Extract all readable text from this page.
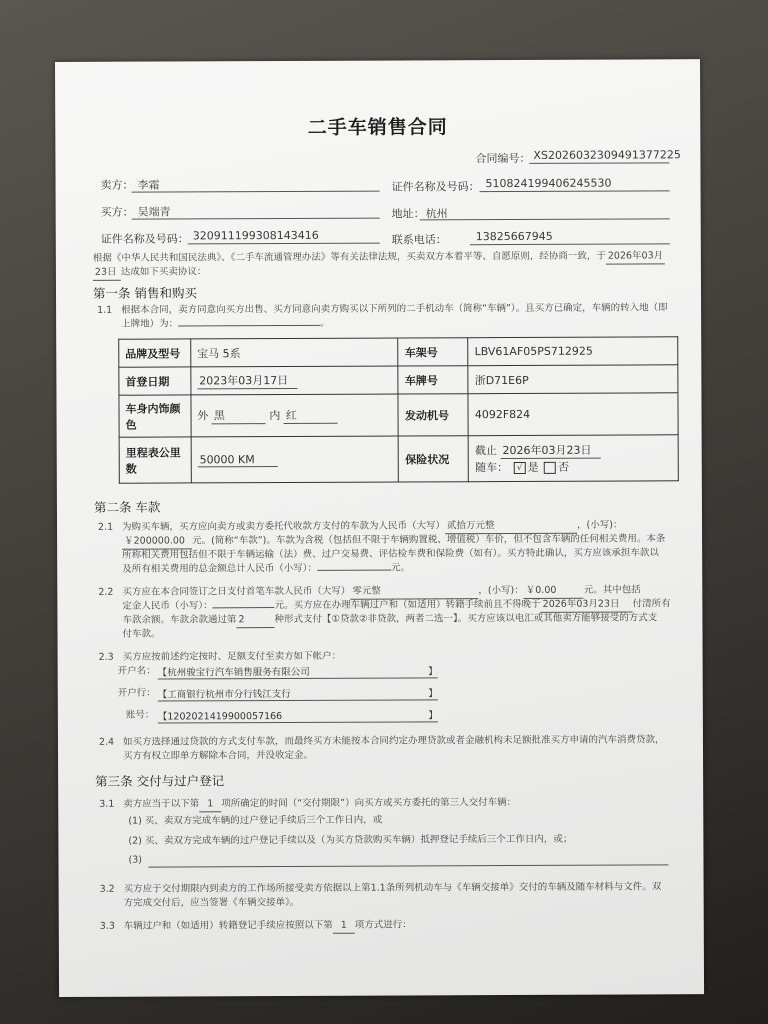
二手车销售合同
合同编号： XS2026032309491377225
卖方： 李霜	证件名称及号码： 510824199406245530
买方： 吴端青	地址： 杭州
证件名称及号码： 320911199308143416	联系电话：	13825667945
根据《中华人民共和国民法典》、《二手车流通管理办法》等有关法律法规，买卖双方本着平等、自愿原则，经协商一致，于 2026年03月
23日 达成如下买卖协议：
第一条 销售和购买
1.1 根据本合同，卖方同意向买方出售、买方同意向卖方购买以下所列的二手机动车（简称“车辆”）。且买方已确定，车辆的转入地（即
上牌地）为：	。
品牌及型号	宝马 5系	车架号	LBV61AF05PS712925
首登日期	2023年03月17日	车牌号	浙D71E6P
车身内饰颜色	外 黑 内 红	发动机号	4092F824
里程表公里数	50000 KM	保险状况	截止 2026年03月23日
随车： √ 是 否
第二条 车款
2.1 为购买车辆，买方应向卖方或卖方委托代收款方支付的车款为人民币（大写） 贰拾万元整	，(小写)：
￥200000.00 元。(简称“车款”)。车款为含税（包括但不限于车辆购置税、增值税）车价，但不包含车辆的任何相关费用。本条
所称相关费用包括但不限于车辆运输（法）费、过户交易费、评估检车费和保险费（如有）。买方特此确认，买方应该承担车款以
及所有相关费用的总金额总计人民币（小写）：	元。
2.2 买方应在本合同签订之日支付首笔车款人民币（大写） 零元整	，(小写)： ￥0.00	元。其中包括
定金人民币（小写）：	元。买方应在办理车辆过户和（如适用）转籍手续前且不得晚于 2026年03月23日 付清所有
车款余额。车款余款通过第 2	种形式支付【①贷款②非贷款，两者二选一】。买方应该以电汇或其他卖方能够接受的方式支
付车款。
2.3 买方应按前述约定按时、足额支付至卖方如下帐户：
开户名： 【杭州骏宝行汽车销售服务有限公司	】
开户行： 【工商银行杭州市分行钱江支行	】
账号： 【1202021419900057166	】
2.4 如买方选择通过贷款的方式支付车款，而最终买方未能按本合同约定办理贷款或者金融机构未足额批准买方申请的汽车消费贷款，
买方有权立即单方解除本合同，并没收定金。
第三条 交付与过户登记
3.1 卖方应当于以下第 1 项所确定的时间（“交付期限”）向买方或买方委托的第三人交付车辆：
(1) 买、卖双方完成车辆的过户登记手续后三个工作日内，或
(2) 买、卖双方完成车辆的过户登记手续以及（为买方贷款购买车辆）抵押登记手续后三个工作日内，或；
(3)
3.2 买方应于交付期限内到卖方的工作场所接受卖方依据以上第1.1条所列机动车与《车辆交接单》交付的车辆及随车材料与文件。双
方完成交付后，应当签署《车辆交接单》。
3.3 车辆过户和（如适用）转籍登记手续应按照以下第 1 项方式进行：
